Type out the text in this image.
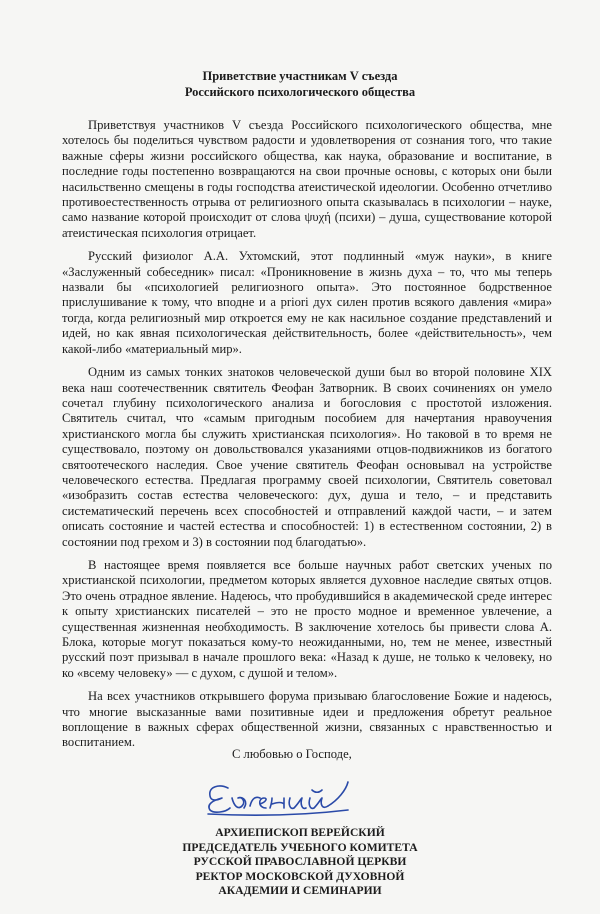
Приветствие участникам V съезда
Российского психологического общества

Приветствуя участников V съезда Российского психологического общества, мне хотелось бы поделиться чувством радости и удовлетворения от сознания того, что такие важные сферы жизни российского общества, как наука, образование и воспитание, в последние годы постепенно возвращаются на свои прочные основы, с которых они были насильственно смещены в годы господства атеистической идеологии. Особенно отчетливо противоестественность отрыва от религиозного опыта сказывалась в психологии – науке, само название которой происходит от слова ψυχή (психи) – душа, существование которой атеистическая психология отрицает.

Русский физиолог А.А. Ухтомский, этот подлинный «муж науки», в книге «Заслуженный собеседник» писал: «Проникновение в жизнь духа – то, что мы теперь назвали бы «психологией религиозного опыта». Это постоянное бодрственное прислушивание к тому, что вподне и a priori дух силен против всякого давления «мира» тогда, когда религиозный мир откроется ему не как насильное создание представлений и идей, но как явная психологическая действительность, более «действительность», чем какой-либо «материальный мир».

Одним из самых тонких знатоков человеческой души был во второй половине XIX века наш соотечественник святитель Феофан Затворник. В своих сочинениях он умело сочетал глубину психологического анализа и богословия с простотой изложения. Святитель считал, что «самым пригодным пособием для начертания нравоучения христианского могла бы служить христианская психология». Но таковой в то время не существовало, поэтому он довольствовался указаниями отцов-подвижников из богатого святоотеческого наследия. Свое учение святитель Феофан основывал на устройстве человеческого естества. Предлагая программу своей психологии, Святитель советовал «изобразить состав естества человеческого: дух, душа и тело, – и представить систематический перечень всех способностей и отправлений каждой части, – и затем описать состояние и частей естества и способностей: 1) в естественном состоянии, 2) в состоянии под грехом и 3) в состоянии под благодатью».

В настоящее время появляется все больше научных работ светских ученых по христианской психологии, предметом которых является духовное наследие святых отцов. Это очень отрадное явление. Надеюсь, что пробудившийся в академической среде интерес к опыту христианских писателей – это не просто модное и временное увлечение, а существенная жизненная необходимость. В заключение хотелось бы привести слова А. Блока, которые могут показаться кому-то неожиданными, но, тем не менее, известный русский поэт призывал в начале прошлого века: «Назад к душе, не только к человеку, но ко «всему человеку» — с духом, с душой и телом».

На всех участников открывшего форума призываю благословение Божие и надеюсь, что многие высказанные вами позитивные идеи и предложения обретут реальное воплощение в важных сферах общественной жизни, связанных с нравственностью и воспитанием.

С любовью о Господе,
АРХИЕПИСКОП ВЕРЕЙСКИЙ
ПРЕДСЕДАТЕЛЬ УЧЕБНОГО КОМИТЕТА
РУССКОЙ ПРАВОСЛАВНОЙ ЦЕРКВИ
РЕКТОР МОСКОВСКОЙ ДУХОВНОЙ
АКАДЕМИИ И СЕМИНАРИИ
